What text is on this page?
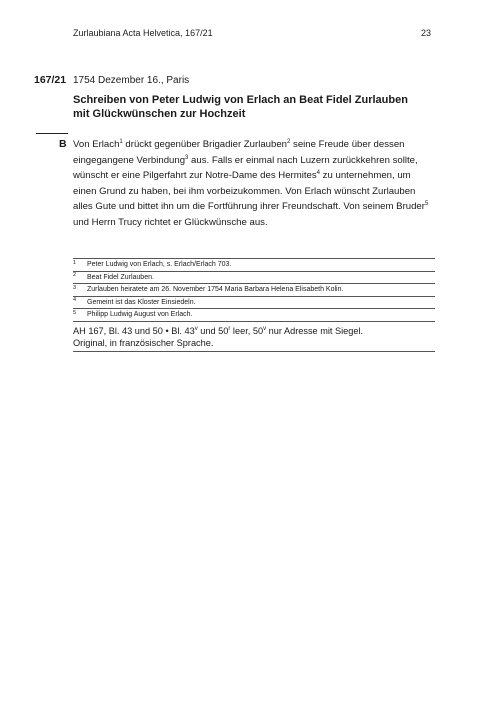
Zurlaubiana Acta Helvetica, 167/21	23
167/21 1754 Dezember 16., Paris
Schreiben von Peter Ludwig von Erlach an Beat Fidel Zurlauben
mit Glückwünschen zur Hochzeit
B Von Erlach$^1$ drückt gegenüber Brigadier Zurlauben$^2$ seine Freude über dessen eingegangene Verbindung$^3$ aus. Falls er einmal nach Luzern zurückkehren sollte, wünscht er eine Pilgerfahrt zur Notre-Dame des Hermites$^4$ zu unternehmen, um einen Grund zu haben, bei ihm vorbeizukommen. Von Erlach wünscht Zurlauben alles Gute und bittet ihn um die Fortführung ihrer Freundschaft. Von seinem Bruder$^5$ und Herrn Trucy richtet er Glückwünsche aus.

1	Peter Ludwig von Erlach, s. Erlach/Erlach 703.
2	Beat Fidel Zurlauben.
3	Zurlauben heiratete am 26. November 1754 Maria Barbara Helena Elisabeth Kolin.
4	Gemeint ist das Kloster Einsiedeln.
5	Philipp Ludwig August von Erlach.
AH 167, Bl. 43 und 50 • Bl. 43$^v$ und 50$^r$ leer, 50$^v$ nur Adresse mit Siegel.
Original, in französischer Sprache.
